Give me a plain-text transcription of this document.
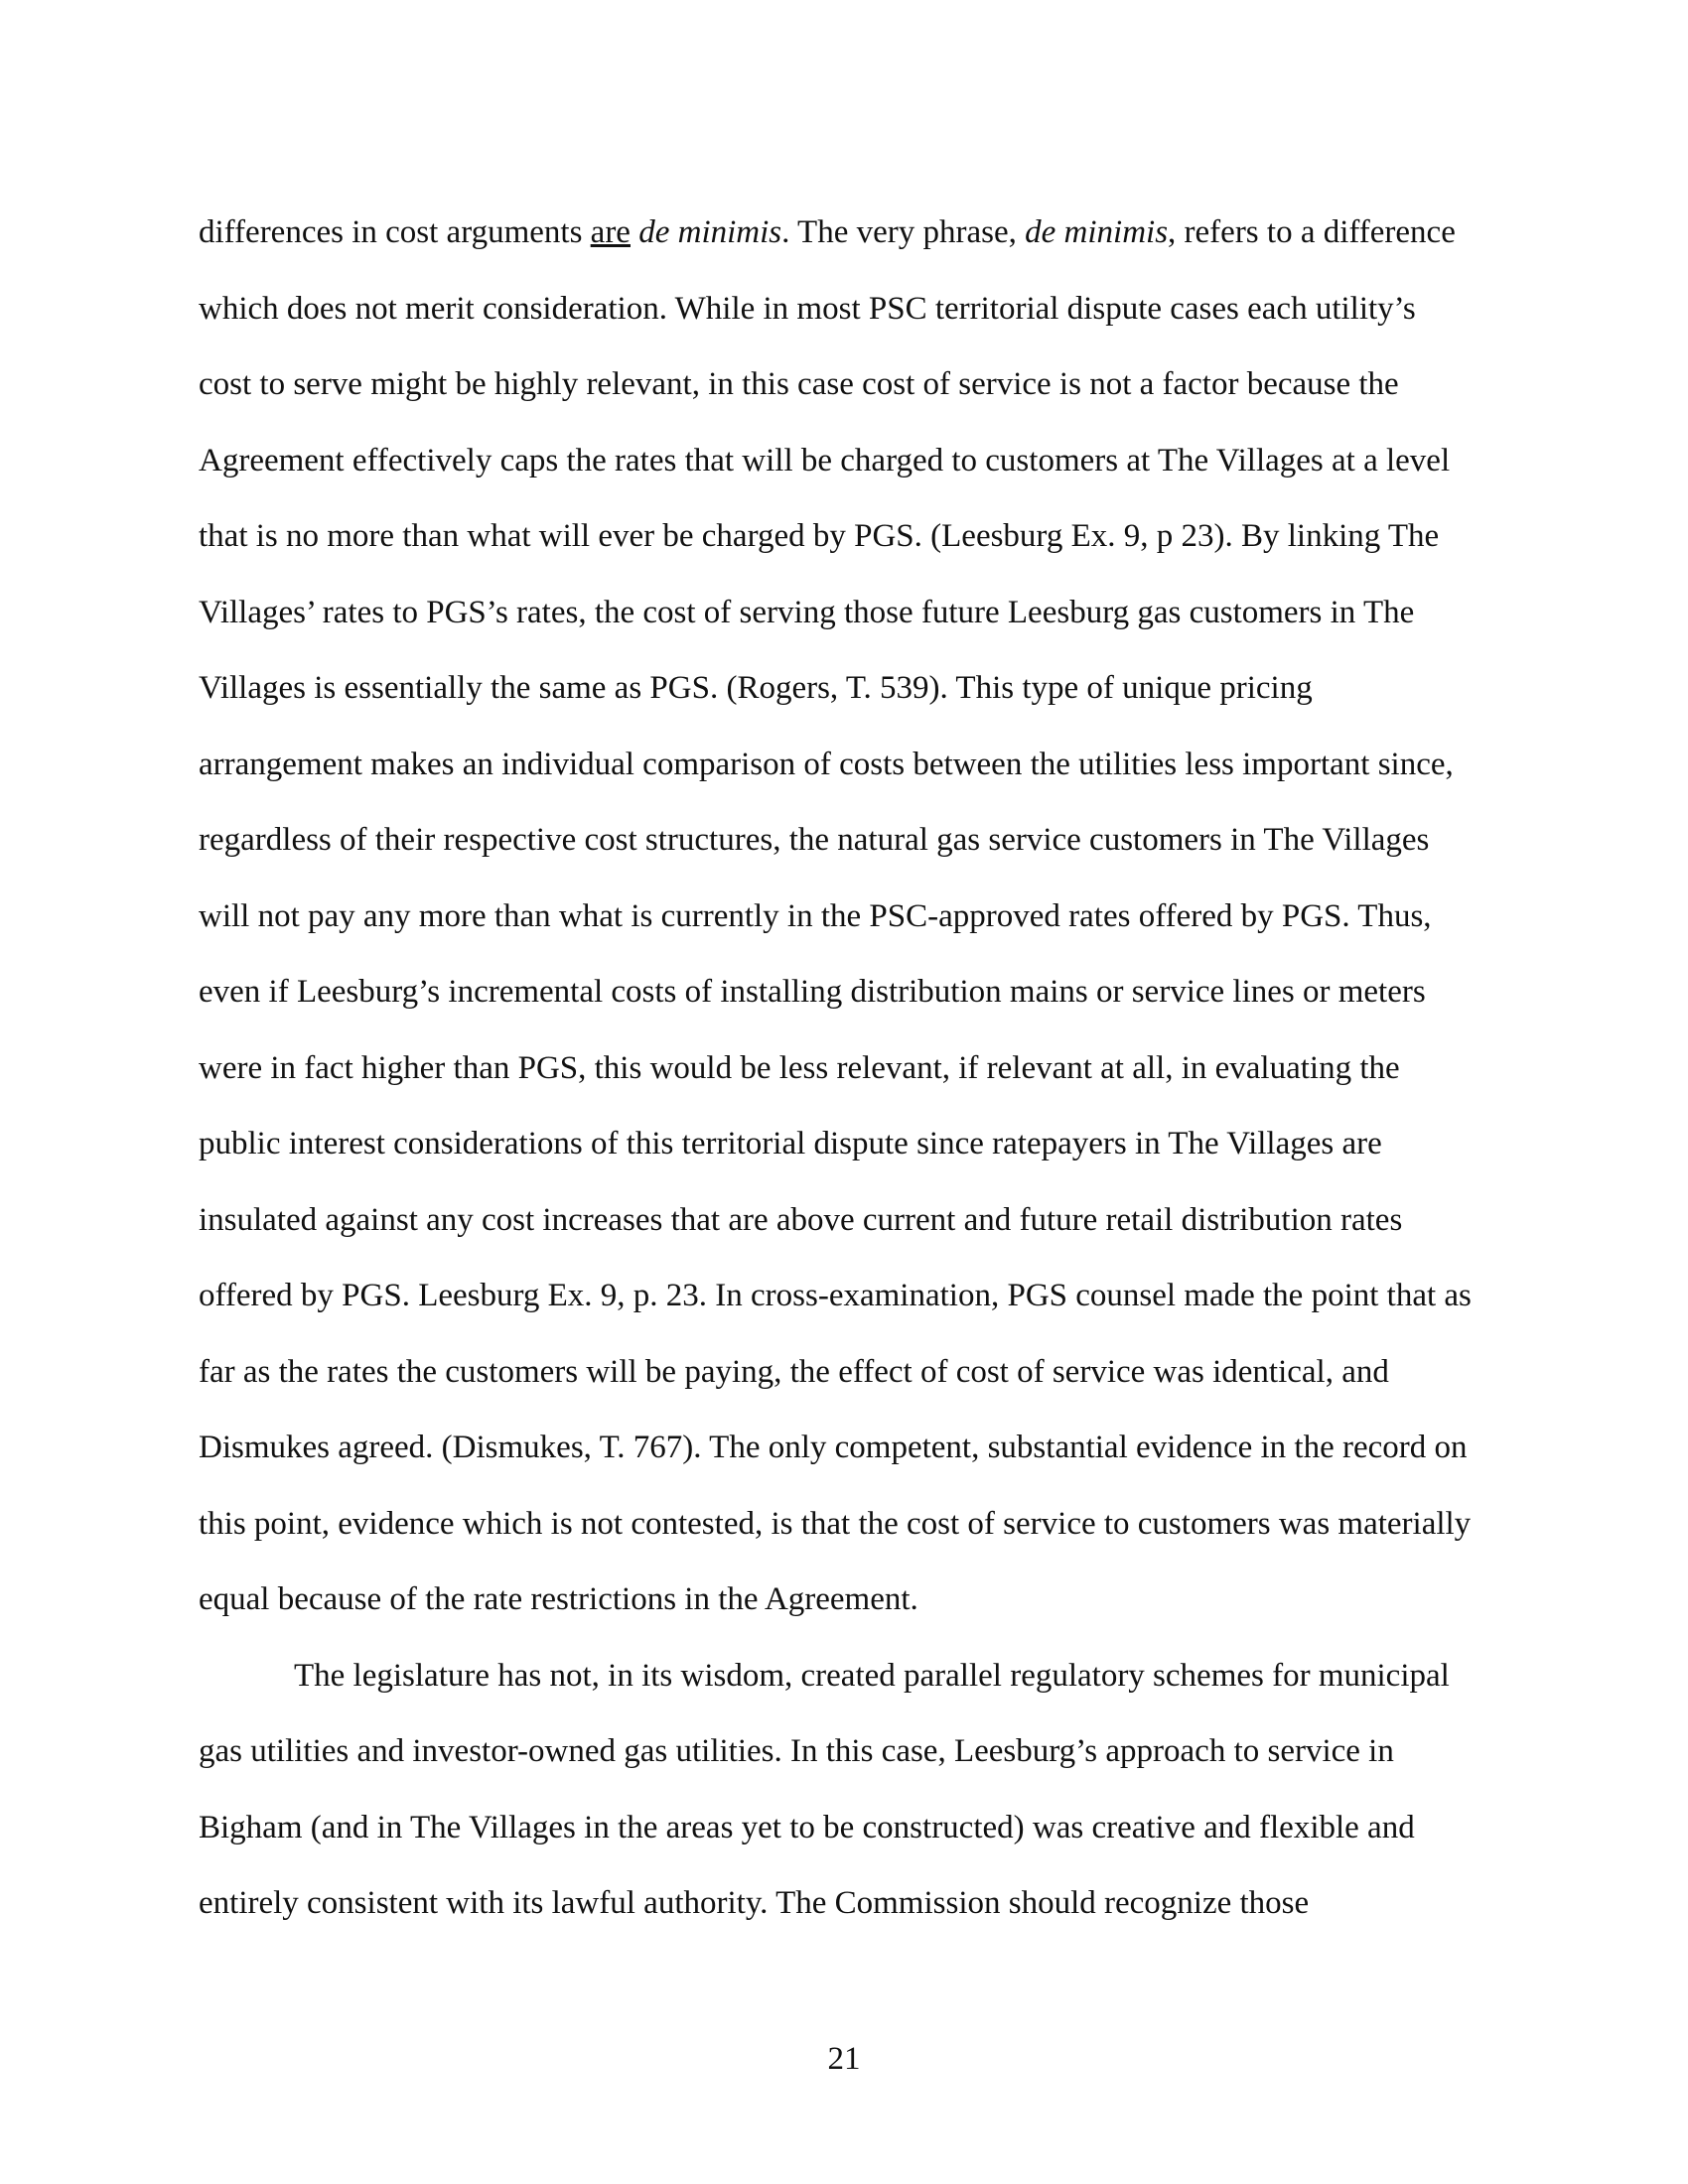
differences in cost arguments are de minimis. The very phrase, de minimis, refers to a difference
which does not merit consideration. While in most PSC territorial dispute cases each utility’s
cost to serve might be highly relevant, in this case cost of service is not a factor because the
Agreement effectively caps the rates that will be charged to customers at The Villages at a level
that is no more than what will ever be charged by PGS. (Leesburg Ex. 9, p 23). By linking The
Villages’ rates to PGS’s rates, the cost of serving those future Leesburg gas customers in The
Villages is essentially the same as PGS. (Rogers, T. 539). This type of unique pricing
arrangement makes an individual comparison of costs between the utilities less important since,
regardless of their respective cost structures, the natural gas service customers in The Villages
will not pay any more than what is currently in the PSC-approved rates offered by PGS. Thus,
even if Leesburg’s incremental costs of installing distribution mains or service lines or meters
were in fact higher than PGS, this would be less relevant, if relevant at all, in evaluating the
public interest considerations of this territorial dispute since ratepayers in The Villages are
insulated against any cost increases that are above current and future retail distribution rates
offered by PGS. Leesburg Ex. 9, p. 23. In cross-examination, PGS counsel made the point that as
far as the rates the customers will be paying, the effect of cost of service was identical, and
Dismukes agreed. (Dismukes, T. 767). The only competent, substantial evidence in the record on
this point, evidence which is not contested, is that the cost of service to customers was materially
equal because of the rate restrictions in the Agreement.
The legislature has not, in its wisdom, created parallel regulatory schemes for municipal
gas utilities and investor-owned gas utilities. In this case, Leesburg’s approach to service in
Bigham (and in The Villages in the areas yet to be constructed) was creative and flexible and
entirely consistent with its lawful authority. The Commission should recognize those
21
